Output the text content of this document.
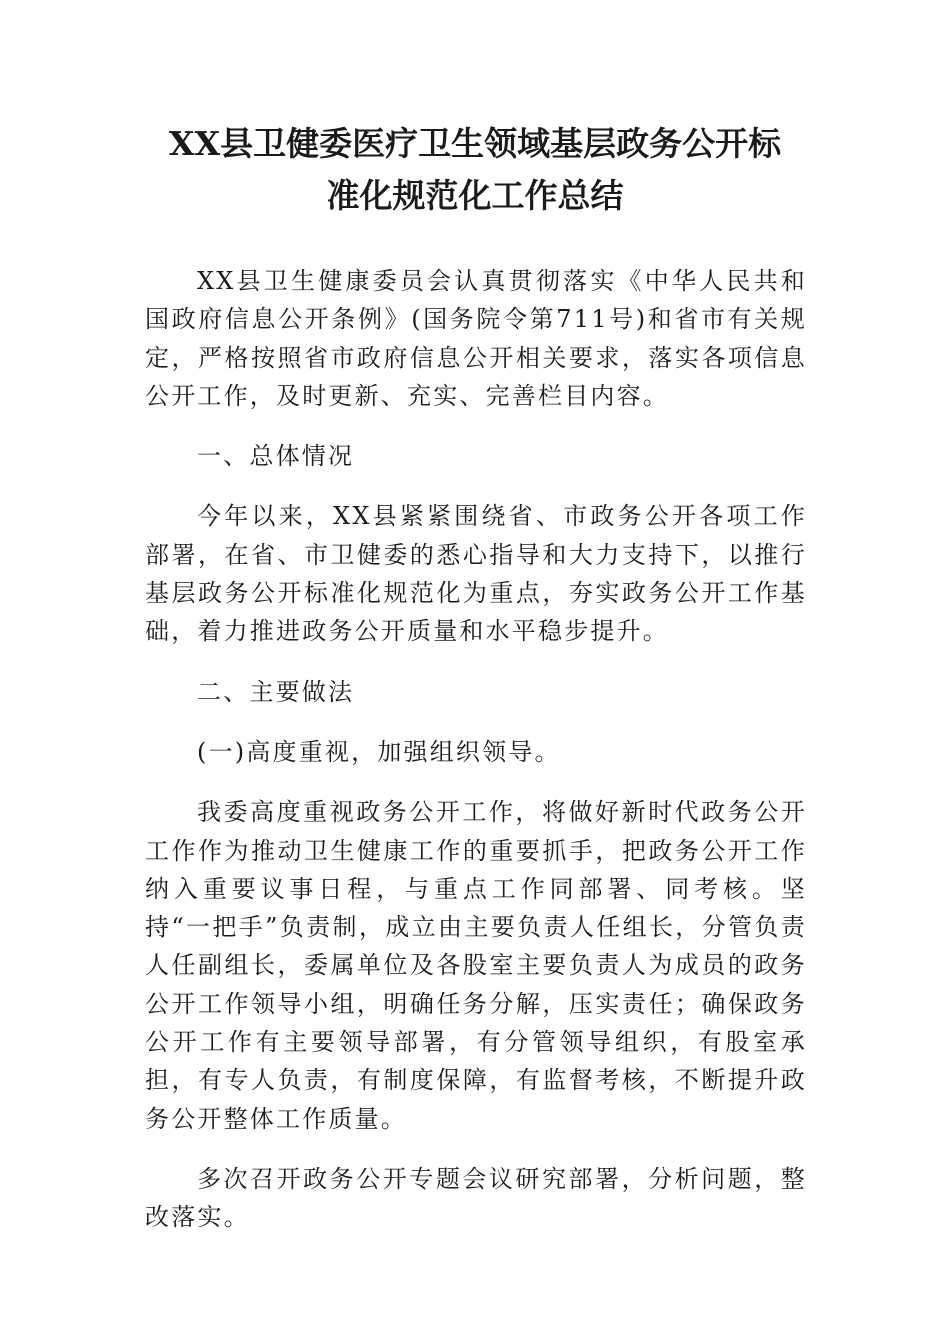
XX县卫健委医疗卫生领域基层政务公开标
准化规范化工作总结

XX县卫生健康委员会认真贯彻落实《中华人民共和国政府信息公开条例》(国务院令第711号)和省市有关规定，严格按照省市政府信息公开相关要求，落实各项信息公开工作，及时更新、充实、完善栏目内容。

一、总体情况

今年以来，XX县紧紧围绕省、市政务公开各项工作部署，在省、市卫健委的悉心指导和大力支持下，以推行基层政务公开标准化规范化为重点，夯实政务公开工作基础，着力推进政务公开质量和水平稳步提升。

二、主要做法

(一)高度重视，加强组织领导。

我委高度重视政务公开工作，将做好新时代政务公开工作作为推动卫生健康工作的重要抓手，把政务公开工作纳入重要议事日程，与重点工作同部署、同考核。坚持“一把手”负责制，成立由主要负责人任组长，分管负责人任副组长，委属单位及各股室主要负责人为成员的政务公开工作领导小组，明确任务分解，压实责任；确保政务公开工作有主要领导部署，有分管领导组织，有股室承担，有专人负责，有制度保障，有监督考核，不断提升政务公开整体工作质量。

多次召开政务公开专题会议研究部署，分析问题，整改落实。
